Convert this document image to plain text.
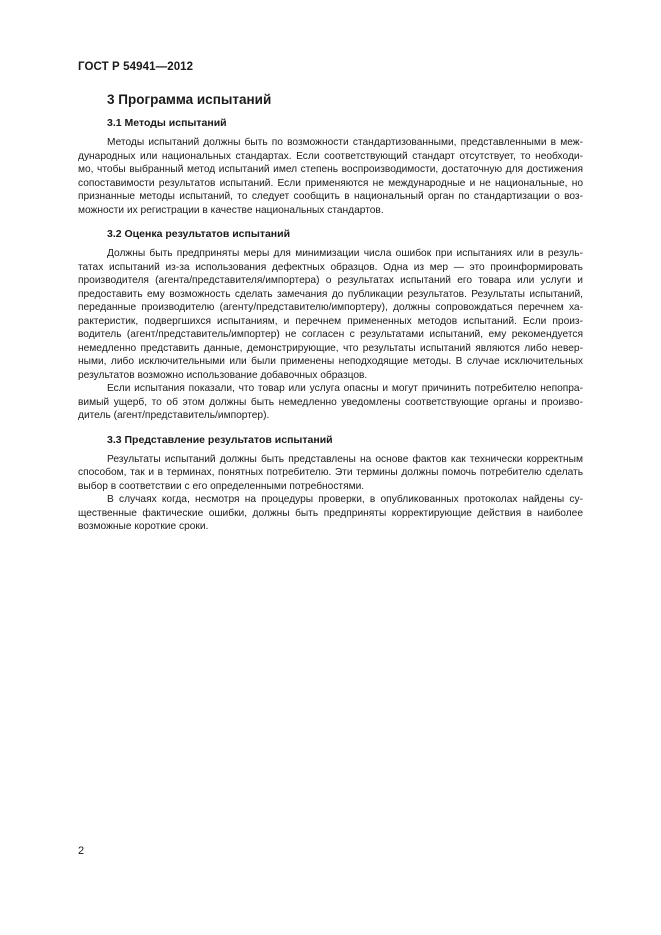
ГОСТ Р 54941—2012
3 Программа испытаний
3.1 Методы испытаний

Методы испытаний должны быть по возможности стандартизованными, представленными в меж-дународных или национальных стандартах. Если соответствующий стандарт отсутствует, то необходи-мо, чтобы выбранный метод испытаний имел степень воспроизводимости, достаточную для достижения сопоставимости результатов испытаний. Если применяются не международные и не национальные, но признанные методы испытаний, то следует сообщить в национальный орган по стандартизации о воз-можности их регистрации в качестве национальных стандартов.

3.2 Оценка результатов испытаний

Должны быть предприняты меры для минимизации числа ошибок при испытаниях или в резуль-татах испытаний из-за использования дефектных образцов. Одна из мер — это проинформировать производителя (агента/представителя/импортера) о результатах испытаний его товара или услуги и предоставить ему возможность сделать замечания до публикации результатов. Результаты испытаний, переданные производителю (агенту/представителю/импортеру), должны сопровождаться перечнем ха-рактеристик, подвергшихся испытаниям, и перечнем примененных методов испытаний. Если произ-водитель (агент/представитель/импортер) не согласен с результатами испытаний, ему рекомендуется немедленно представить данные, демонстрирующие, что результаты испытаний являются либо невер-ными, либо исключительными или были применены неподходящие методы. В случае исключительных результатов возможно использование добавочных образцов.

Если испытания показали, что товар или услуга опасны и могут причинить потребителю непопра-вимый ущерб, то об этом должны быть немедленно уведомлены соответствующие органы и произво-дитель (агент/представитель/импортер).

3.3 Представление результатов испытаний

Результаты испытаний должны быть представлены на основе фактов как технически корректным способом, так и в терминах, понятных потребителю. Эти термины должны помочь потребителю сделать выбор в соответствии с его определенными потребностями.

В случаях когда, несмотря на процедуры проверки, в опубликованных протоколах найдены су-щественные фактические ошибки, должны быть предприняты корректирующие действия в наиболее возможные короткие сроки.

2
